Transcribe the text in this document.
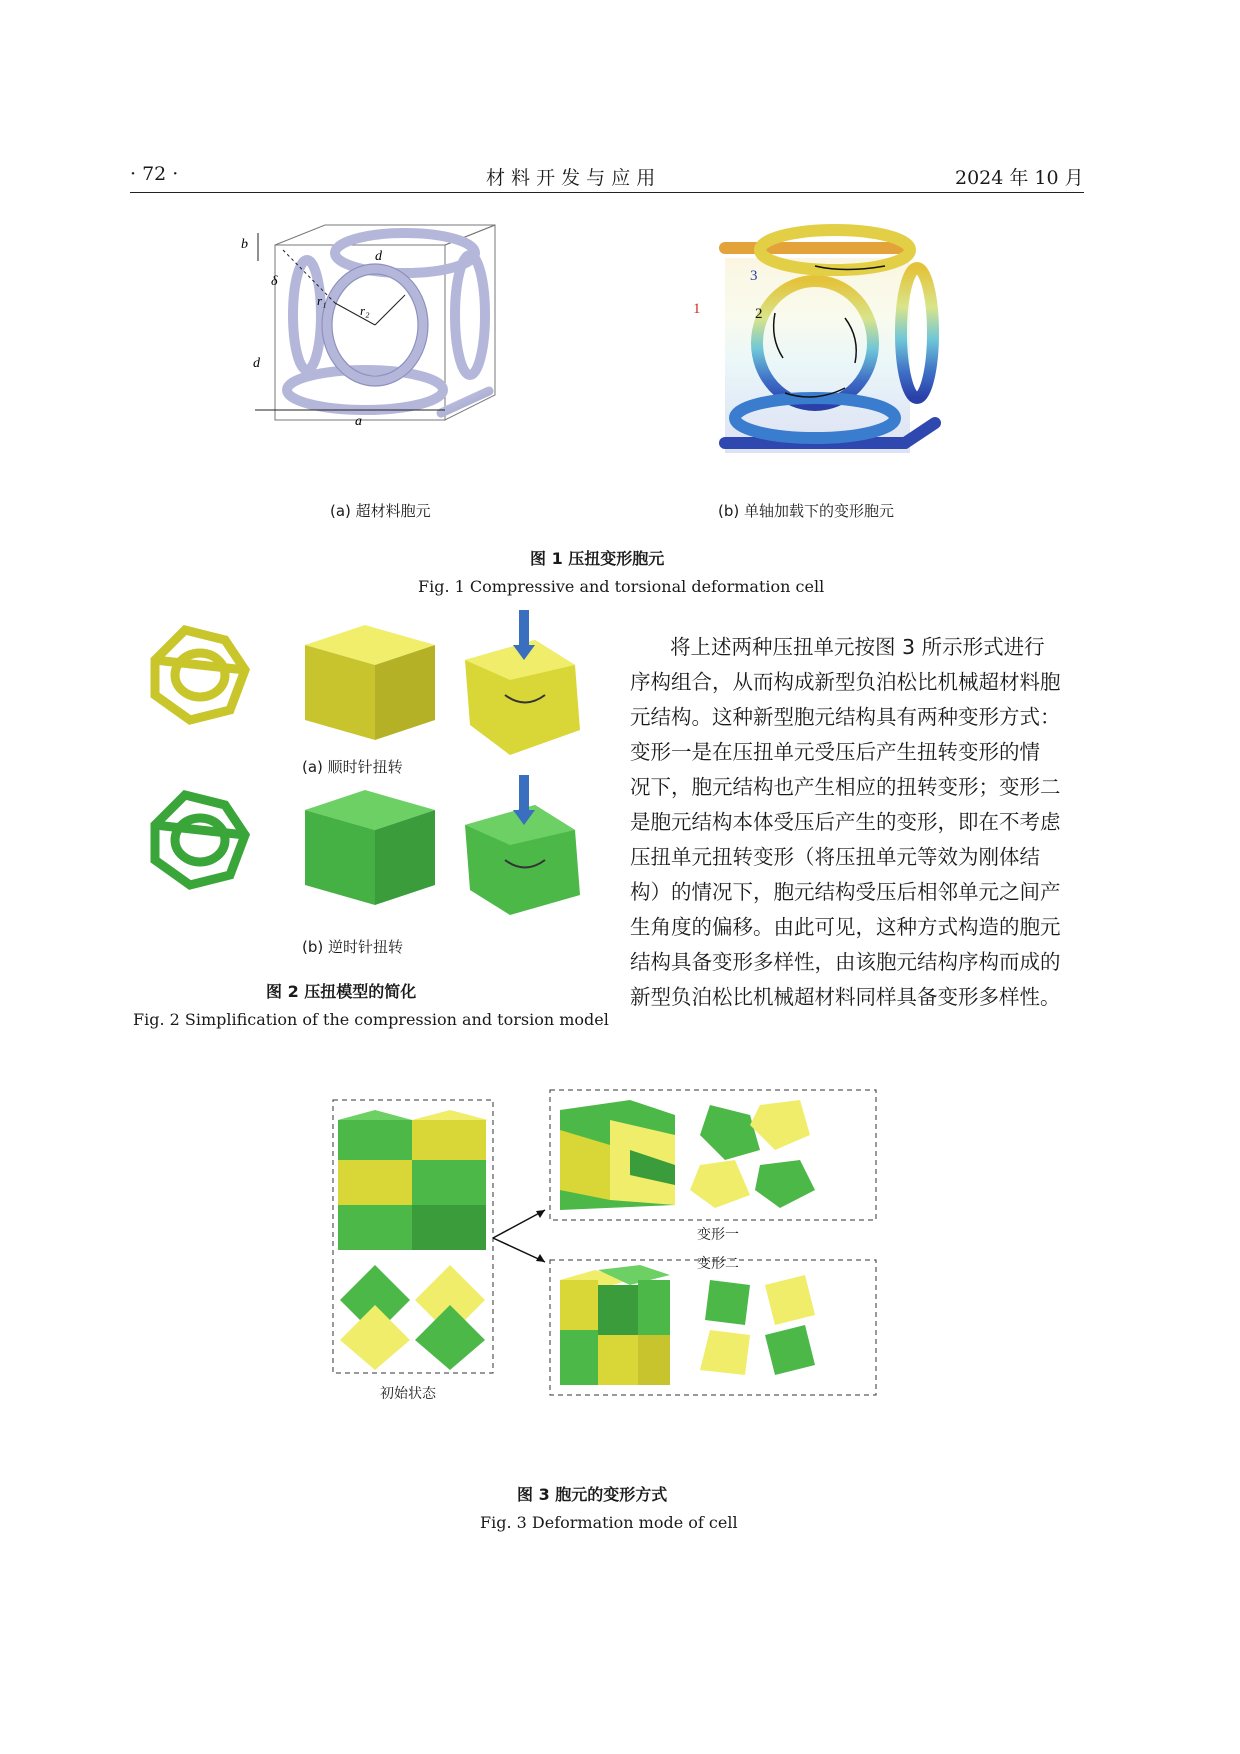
· 72 ·	材 料 开 发 与 应 用	2024 年 10 月
b
d
δ
r₁
r₂
d
a
1	2
3
(a) 超材料胞元	(b) 单轴加载下的变形胞元
图 1 压扭变形胞元
Fig. 1 Compressive and torsional deformation cell
(a) 顺时针扭转
(b) 逆时针扭转
图 2 压扭模型的简化
Fig. 2 Simplification of the compression and torsion model

将上述两种压扭单元按图 3 所示形式进行

序构组合，从而构成新型负泊松比机械超材料胞

元结构。这种新型胞元结构具有两种变形方式：

变形一是在压扭单元受压后产生扭转变形的情

况下，胞元结构也产生相应的扭转变形；变形二

是胞元结构本体受压后产生的变形，即在不考虑

压扭单元扭转变形（将压扭单元等效为刚体结

构）的情况下，胞元结构受压后相邻单元之间产

生角度的偏移。由此可见，这种方式构造的胞元

结构具备变形多样性，由该胞元结构序构而成的

新型负泊松比机械超材料同样具备变形多样性。

初始状态
变形一
变形二
图 3 胞元的变形方式
Fig. 3 Deformation mode of cell
